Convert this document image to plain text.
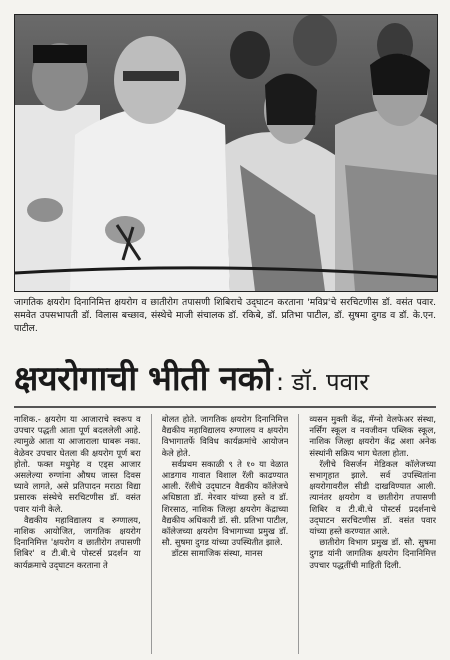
जागतिक क्षयरोग दिनानिमित्त क्षयरोग व छातीरोग तपासणी शिबिराचे उद्‌घाटन करताना 'मविप्र'चे सरचिटणीस डॉ. वसंत पवार. समवेत उपसभापती डॉ. विलास बच्छाव, संस्थेचे माजी संचालक डॉ. रकिबे, डॉ. प्रतिभा पाटील, डॉ. सुषमा दुगड व डॉ. के.एन. पाटील.

क्षयरोगाची भीती नको : डॉ. पवार

नाशिक.- क्षयरोग या आजाराचे स्वरूप व उपचार पद्धती आता पूर्ण बदललेली आहे. त्यामुळे आता या आजाराला घाबरू नका. वेळेवर उपचार घेतला की क्षयरोग पूर्ण बरा होतो. फक्त मधुमेह व एड्स आजार असलेल्या रुग्णांना औषध जास्त दिवस घ्यावे लागते, असे प्रतिपादन मराठा विद्या प्रसारक संस्थेचे सरचिटणीस डॉ. वसंत पवार यांनी केले.

वैद्यकीय महाविद्यालय व रुग्णालय, नाशिक आयोजित, जागतिक क्षयरोग दिनानिमित्त 'क्षयरोग व छातीरोग तपासणी शिबिर' व टी.बी.चे पोस्टर्स प्रदर्शन या कार्यक्रमाचे उद्‌घाटन करताना ते

बोलत होते. जागतिक क्षयरोग दिनानिमित्त वैद्यकीय महाविद्यालय रुग्णालय व क्षयरोग विभागातर्फे विविध कार्यक्रमांचे आयोजन केले होते.

सर्वप्रथम सकाळी ९ ते १० या वेळात आडगाव गावात विशाल रॅली काढण्यात आली. रॅलीचे उद्‌घाटन वैद्यकीय कॉलेजचे अधिष्ठाता डॉ. मेरवार यांच्या हस्ते व डॉ. शिरसाठ, नाशिक जिल्हा क्षयरोग केंद्राच्या वैद्यकीय अधिकारी डॉ. सी. प्रतिभा पाटील, कॉलेजच्या क्षयरोग विभागाच्या प्रमुख डॉ. सौ. सुषमा दुगड यांच्या उपस्थितीत झाले.

डॉटस सामाजिक संस्था, मानस

व्यसन मुक्ती केंद्र, मॅग्नो वेलफेअर संस्था, नर्सिंग स्कूल व नवजीवन पब्लिक स्कूल, नाशिक जिल्हा क्षयरोग केंद्र अशा अनेक संस्थांनी सक्रिय भाग घेतला होता.

रॅलीचे विसर्जन मेडिकल कॉलेजच्या सभागृहात झाले. सर्व उपस्थितांना क्षयरोगावरील सीडी दाखविण्यात आली. त्यानंतर क्षयरोग व छातीरोग तपासणी शिबिर व टी.बी.चे पोस्टर्स प्रदर्शनाचे उद्‌घाटन सरचिटणीस डॉ. वसंत पवार यांच्या हस्ते करण्यात आले.

छातीरोग विभाग प्रमुख डॉ. सौ. सुषमा दुगड यांनी जागतिक क्षयरोग दिनानिमित्त उपचार पद्धतींची माहिती दिली.
